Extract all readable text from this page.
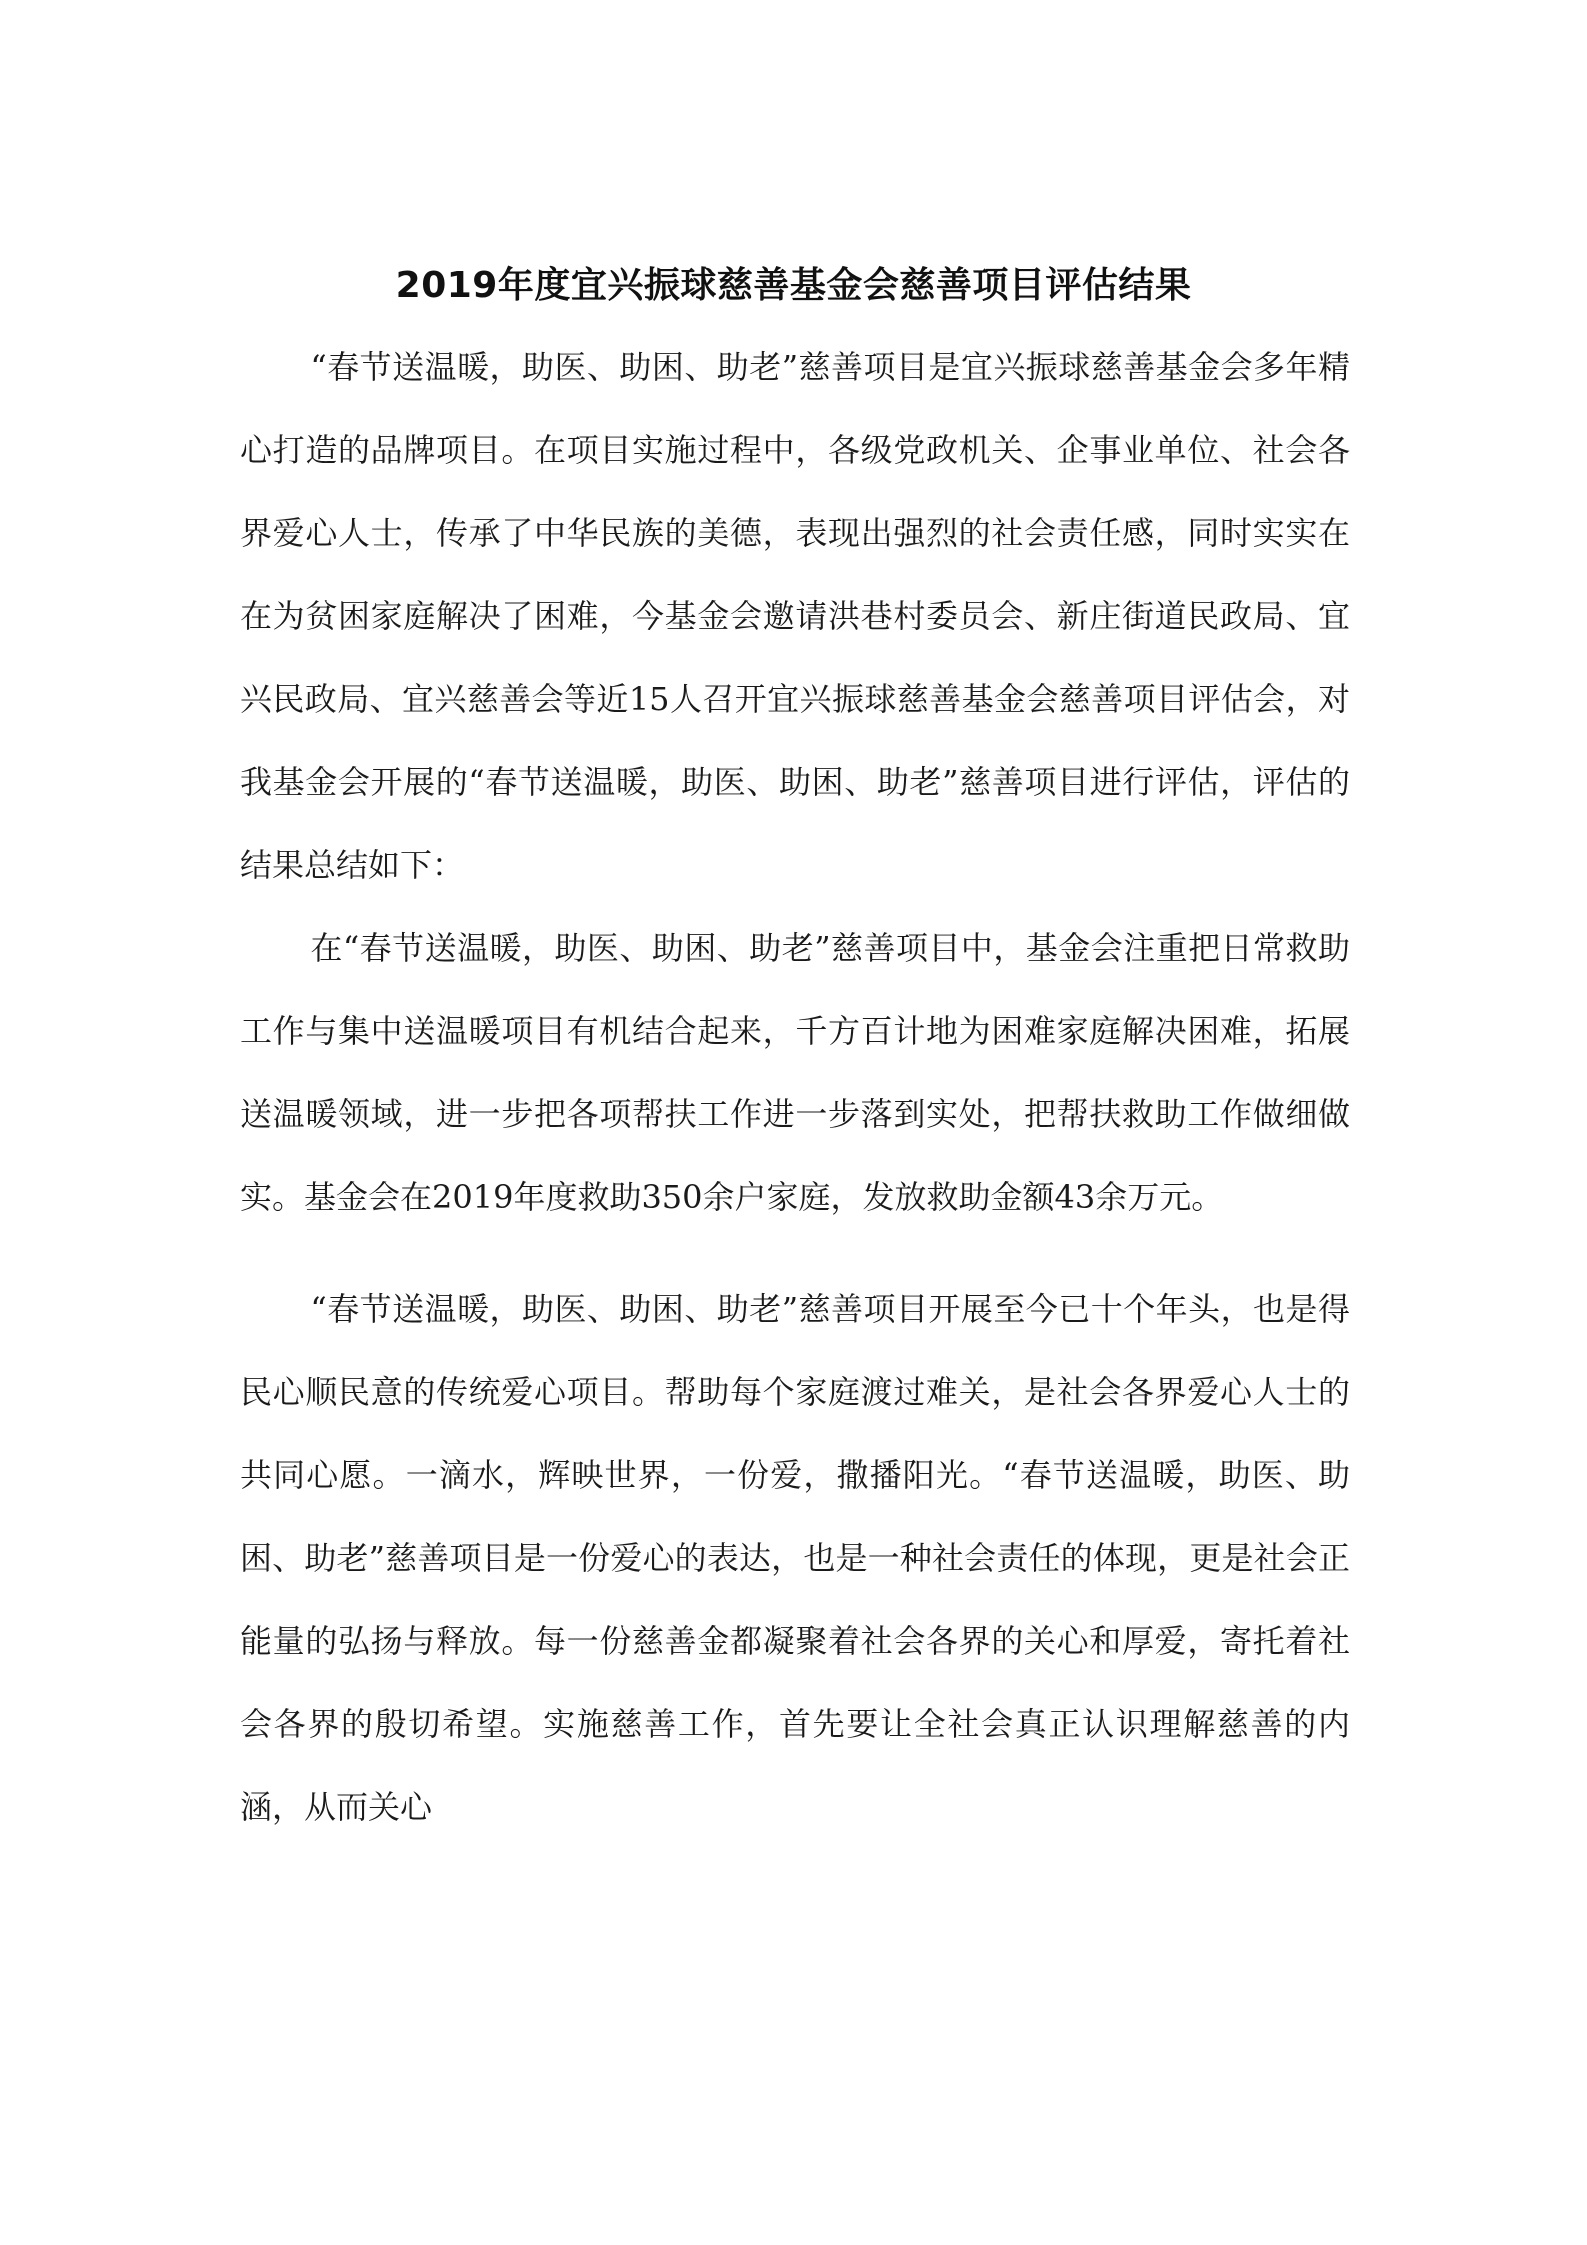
2019年度宜兴振球慈善基金会慈善项目评估结果

“春节送温暖，助医、助困、助老”慈善项目是宜兴振球慈善基金会多年精心打造的品牌项目。在项目实施过程中，各级党政机关、企事业单位、社会各界爱心人士，传承了中华民族的美德，表现出强烈的社会责任感，同时实实在在为贫困家庭解决了困难，今基金会邀请洪巷村委员会、新庄街道民政局、宜兴民政局、宜兴慈善会等近15人召开宜兴振球慈善基金会慈善项目评估会，对我基金会开展的“春节送温暖，助医、助困、助老”慈善项目进行评估，评估的结果总结如下：

在“春节送温暖，助医、助困、助老”慈善项目中，基金会注重把日常救助工作与集中送温暖项目有机结合起来，千方百计地为困难家庭解决困难，拓展送温暖领域，进一步把各项帮扶工作进一步落到实处，把帮扶救助工作做细做实。基金会在2019年度救助350余户家庭，发放救助金额43余万元。

“春节送温暖，助医、助困、助老”慈善项目开展至今已十个年头，也是得民心顺民意的传统爱心项目。帮助每个家庭渡过难关，是社会各界爱心人士的共同心愿。一滴水，辉映世界，一份爱，撒播阳光。“春节送温暖，助医、助困、助老”慈善项目是一份爱心的表达，也是一种社会责任的体现，更是社会正能量的弘扬与释放。每一份慈善金都凝聚着社会各界的关心和厚爱，寄托着社会各界的殷切希望。实施慈善工作，首先要让全社会真正认识理解慈善的内涵，从而关心
